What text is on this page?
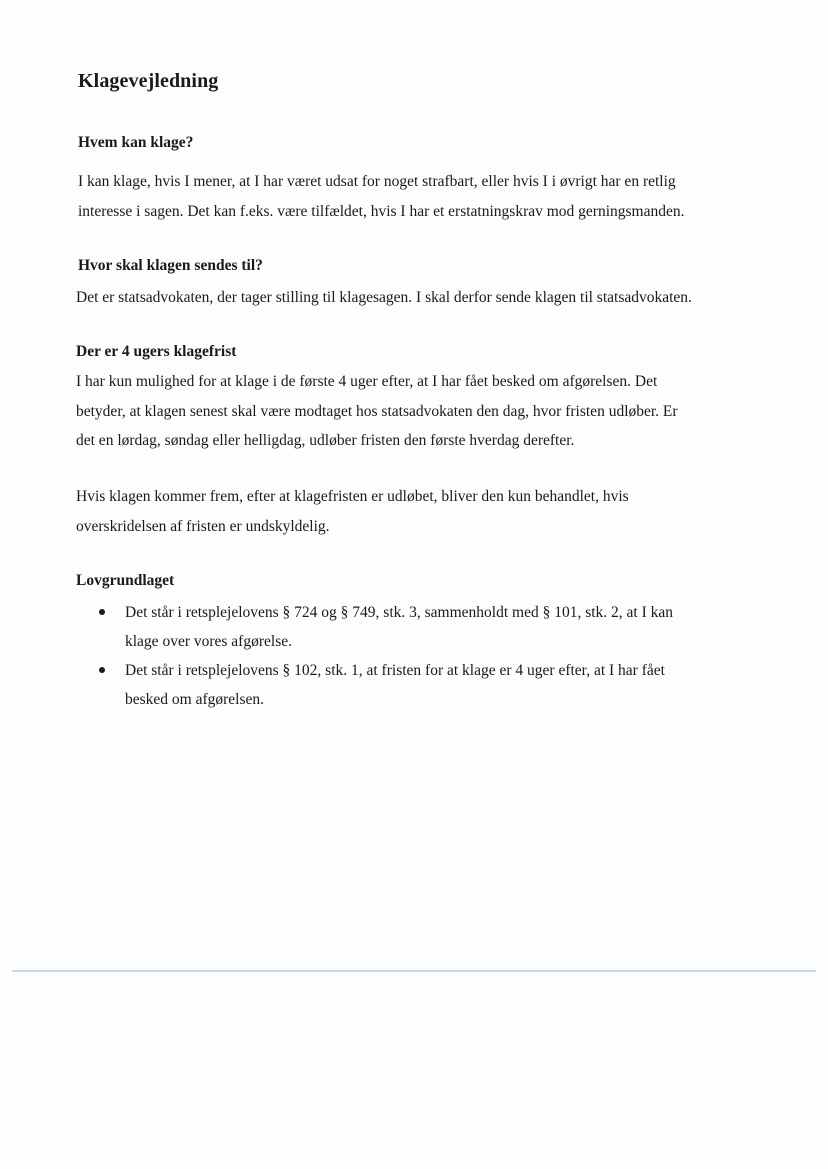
Klagevejledning
Hvem kan klage?

I kan klage, hvis I mener, at I har været udsat for noget strafbart, eller hvis I i øvrigt har en retlig
interesse i sagen. Det kan f.eks. være tilfældet, hvis I har et erstatningskrav mod gerningsmanden.

Hvor skal klagen sendes til?

Det er statsadvokaten, der tager stilling til klagesagen. I skal derfor sende klagen til statsadvokaten.

Der er 4 ugers klagefrist

I har kun mulighed for at klage i de første 4 uger efter, at I har fået besked om afgørelsen. Det
betyder, at klagen senest skal være modtaget hos statsadvokaten den dag, hvor fristen udløber. Er
det en lørdag, søndag eller helligdag, udløber fristen den første hverdag derefter.

Hvis klagen kommer frem, efter at klagefristen er udløbet, bliver den kun behandlet, hvis
overskridelsen af fristen er undskyldelig.

Lovgrundlaget
Det står i retsplejelovens § 724 og § 749, stk. 3, sammenholdt med § 101, stk. 2, at I kan
klage over vores afgørelse.
Det står i retsplejelovens § 102, stk. 1, at fristen for at klage er 4 uger efter, at I har fået
besked om afgørelsen.
